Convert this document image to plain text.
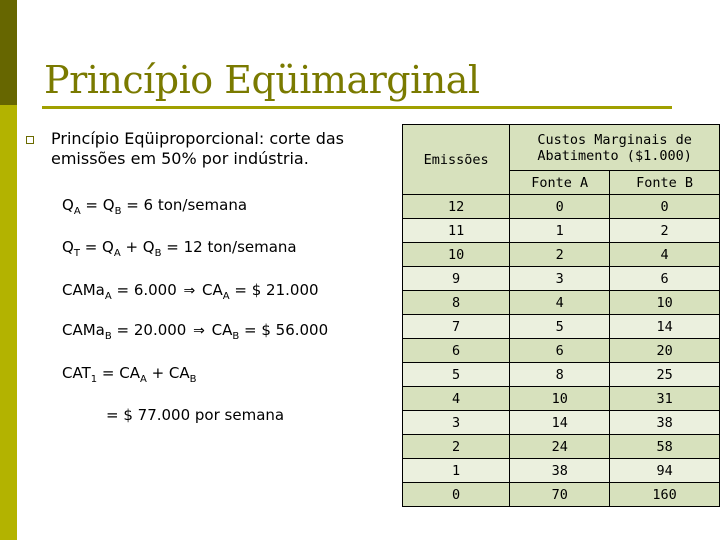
Princípio Eqüimarginal
Princípio Eqüiproporcional: corte das
emissões em 50% por indústria.
$Q_A = Q_B = 6$ ton/semana
$Q_T = Q_A + Q_B = 12$ ton/semana
CAMa$_A$ = 6.000 ⇒ $CA_A$ = $ 21.000
CAMa$_B$ = 20.000 ⇒ $CA_B$ = $ 56.000
$CAT_1 = CA_A + CA_B$
= $ 77.000 por semana
Emissões	Custos Marginais de
Abatimento ($1.000)	
	Fonte A	Fonte B
12	0	0
11	1	2
10	2	4
9	3	6
8	4	10
7	5	14
6	6	20
5	8	25
4	10	31
3	14	38
2	24	58
1	38	94
0	70	160
